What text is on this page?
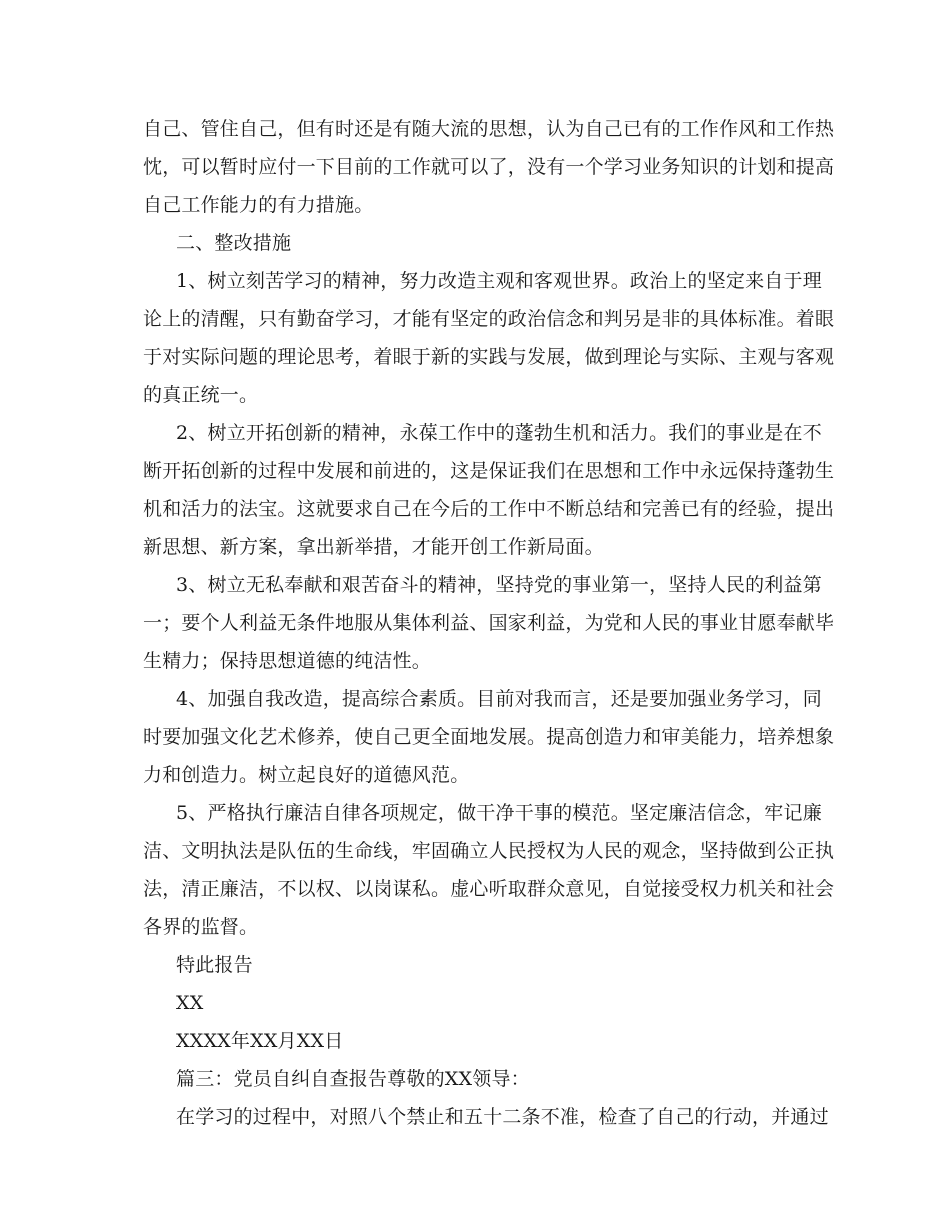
自己、管住自己，但有时还是有随大流的思想，认为自己已有的工作作风和工作热
忱，可以暂时应付一下目前的工作就可以了，没有一个学习业务知识的计划和提高
自己工作能力的有力措施。
二、整改措施
1、树立刻苦学习的精神，努力改造主观和客观世界。政治上的坚定来自于理
论上的清醒，只有勤奋学习，才能有坚定的政治信念和判另是非的具体标准。着眼
于对实际问题的理论思考，着眼于新的实践与发展，做到理论与实际、主观与客观
的真正统一。
2、树立开拓创新的精神，永葆工作中的蓬勃生机和活力。我们的事业是在不
断开拓创新的过程中发展和前进的，这是保证我们在思想和工作中永远保持蓬勃生
机和活力的法宝。这就要求自己在今后的工作中不断总结和完善已有的经验，提出
新思想、新方案，拿出新举措，才能开创工作新局面。
3、树立无私奉献和艰苦奋斗的精神，坚持党的事业第一，坚持人民的利益第
一；要个人利益无条件地服从集体利益、国家利益，为党和人民的事业甘愿奉献毕
生精力；保持思想道德的纯洁性。
4、加强自我改造，提高综合素质。目前对我而言，还是要加强业务学习，同
时要加强文化艺术修养，使自己更全面地发展。提高创造力和审美能力，培养想象
力和创造力。树立起良好的道德风范。
5、严格执行廉洁自律各项规定，做干净干事的模范。坚定廉洁信念，牢记廉
洁、文明执法是队伍的生命线，牢固确立人民授权为人民的观念，坚持做到公正执
法，清正廉洁，不以权、以岗谋私。虚心听取群众意见，自觉接受权力机关和社会
各界的监督。
特此报告
XX
XXXX年XX月XX日
篇三：党员自纠自查报告尊敬的XX领导：
在学习的过程中，对照八个禁止和五十二条不准，检查了自己的行动，并通过
